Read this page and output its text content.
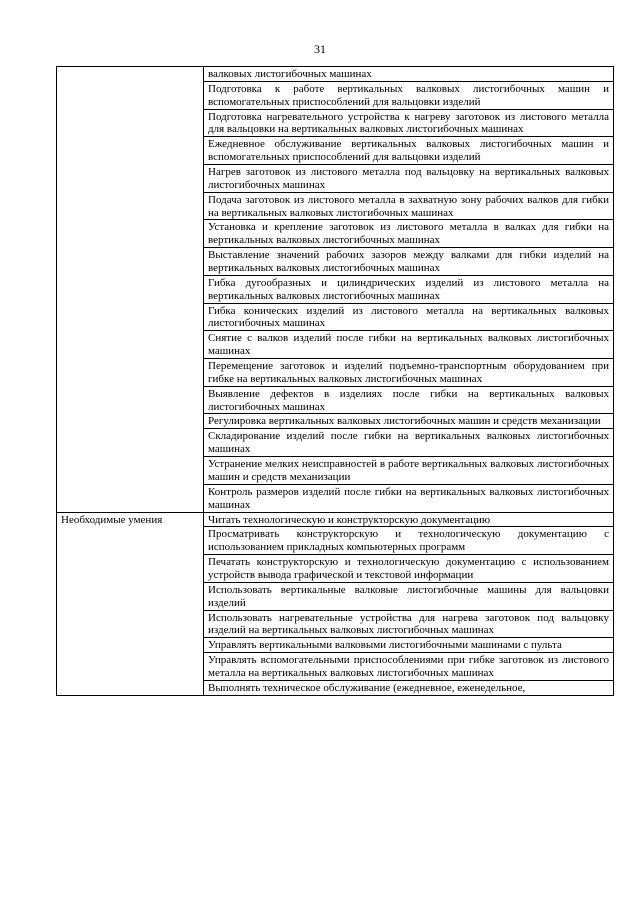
31

	валковых листогибочных машинах

	Подготовка к работе вертикальных валковых листогибочных машин и вспомогательных приспособлений для вальцовки изделий

	Подготовка нагревательного устройства к нагреву заготовок из листового металла для вальцовки на вертикальных валковых листогибочных машинах

	Ежедневное обслуживание вертикальных валковых листогибочных машин и вспомогательных приспособлений для вальцовки изделий

	Нагрев заготовок из листового металла под вальцовку на вертикальных валковых листогибочных машинах

	Подача заготовок из листового металла в захватную зону рабочих валков для гибки на вертикальных валковых листогибочных машинах

	Установка и крепление заготовок из листового металла в валках для гибки на вертикальных валковых листогибочных машинах

	Выставление значений рабочих зазоров между валками для гибки изделий на вертикальных валковых листогибочных машинах

	Гибка дугообразных и цилиндрических изделий из листового металла на вертикальных валковых листогибочных машинах

	Гибка конических изделий из листового металла на вертикальных валковых листогибочных машинах

	Снятие с валков изделий после гибки на вертикальных валковых листогибочных машинах

	Перемещение заготовок и изделий подъемно-транспортным оборудованием при гибке на вертикальных валковых листогибочных машинах

	Выявление дефектов в изделиях после гибки на вертикальных валковых листогибочных машинах

	Регулировка вертикальных валковых листогибочных машин и средств механизации

	Складирование изделий после гибки на вертикальных валковых листогибочных машинах

	Устранение мелких неисправностей в работе вертикальных валковых листогибочных машин и средств механизации

	Контроль размеров изделий после гибки на вертикальных валковых листогибочных машинах

Необходимые умения	Читать технологическую и конструкторскую документацию

	Просматривать конструкторскую и технологическую документацию с использованием прикладных компьютерных программ

	Печатать конструкторскую и технологическую документацию с использованием устройств вывода графической и текстовой информации

	Использовать вертикальные валковые листогибочные машины для вальцовки изделий

	Использовать нагревательные устройства для нагрева заготовок под вальцовку изделий на вертикальных валковых листогибочных машинах

	Управлять вертикальными валковыми листогибочными машинами с пульта

	Управлять вспомогательными приспособлениями при гибке заготовок из листового металла на вертикальных валковых листогибочных машинах

	Выполнять техническое обслуживание (ежедневное, еженедельное,
